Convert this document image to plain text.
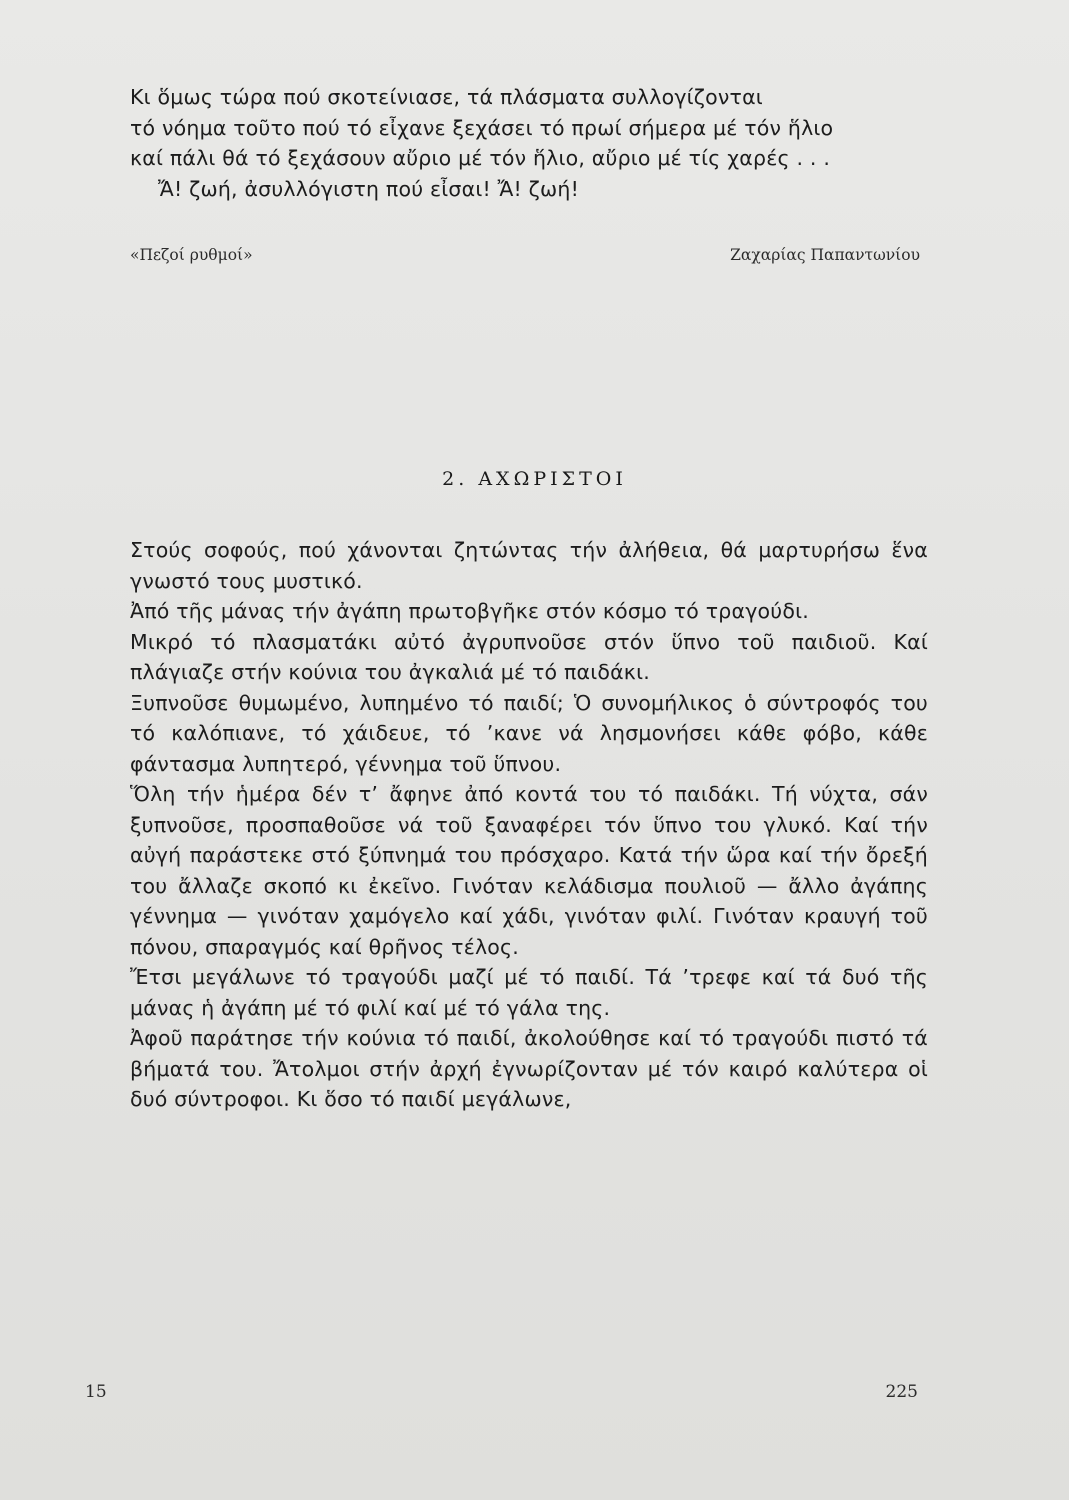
Κι ὅμως τώρα πού σκοτείνιασε, τά πλάσματα συλλογίζονται
τό νόημα τοῦτο πού τό εἶχανε ξεχάσει τό πρωί σήμερα μέ τόν ἥλιο
καί πάλι θά τό ξεχάσουν αὔριο μέ τόν ἥλιο, αὔριο μέ τίς χαρές . . .
Ἄ! ζωή, ἀσυλλόγιστη πού εἶσαι! Ἄ! ζωή!
«Πεζοί ρυθμοί»	Ζαχαρίας Παπαντωνίου
2. ΑΧΩΡΙΣΤΟΙ

Στούς σοφούς, πού χάνονται ζητώντας τήν ἀλήθεια, θά μαρτυρήσω ἕνα γνωστό τους μυστικό.

Ἀπό τῆς μάνας τήν ἀγάπη πρωτοβγῆκε στόν κόσμο τό τραγούδι.

Μικρό τό πλασματάκι αὐτό ἀγρυπνοῦσε στόν ὕπνο τοῦ παιδιοῦ. Καί πλάγιαζε στήν κούνια του ἀγκαλιά μέ τό παιδάκι.

Ξυπνοῦσε θυμωμένο, λυπημένο τό παιδί; Ὁ συνομήλικος ὁ σύντροφός του τό καλόπιανε, τό χάιδευε, τό ’κανε νά λησμονήσει κάθε φόβο, κάθε φάντασμα λυπητερό, γέννημα τοῦ ὕπνου.

Ὅλη τήν ἡμέρα δέν τ’ ἄφηνε ἀπό κοντά του τό παιδάκι. Τή νύχτα, σάν ξυπνοῦσε, προσπαθοῦσε νά τοῦ ξαναφέρει τόν ὕπνο του γλυκό. Καί τήν αὐγή παράστεκε στό ξύπνημά του πρόσχαρο. Κατά τήν ὥρα καί τήν ὄρεξή του ἄλλαζε σκοπό κι ἐκεῖνο. Γινόταν κελάδισμα πουλιοῦ — ἄλλο ἀγάπης γέννημα — γινόταν χαμόγελο καί χάδι, γινόταν φιλί. Γινόταν κραυγή τοῦ πόνου, σπαραγμός καί θρῆνος τέλος.

Ἔτσι μεγάλωνε τό τραγούδι μαζί μέ τό παιδί. Τά ’τρεφε καί τά δυό τῆς μάνας ἡ ἀγάπη μέ τό φιλί καί μέ τό γάλα της.

Ἀφοῦ παράτησε τήν κούνια τό παιδί, ἀκολούθησε καί τό τραγούδι πιστό τά βήματά του. Ἄτολμοι στήν ἀρχή ἐγνωρίζονταν μέ τόν καιρό καλύτερα οἱ δυό σύντροφοι. Κι ὅσο τό παιδί μεγάλωνε,

15	225
